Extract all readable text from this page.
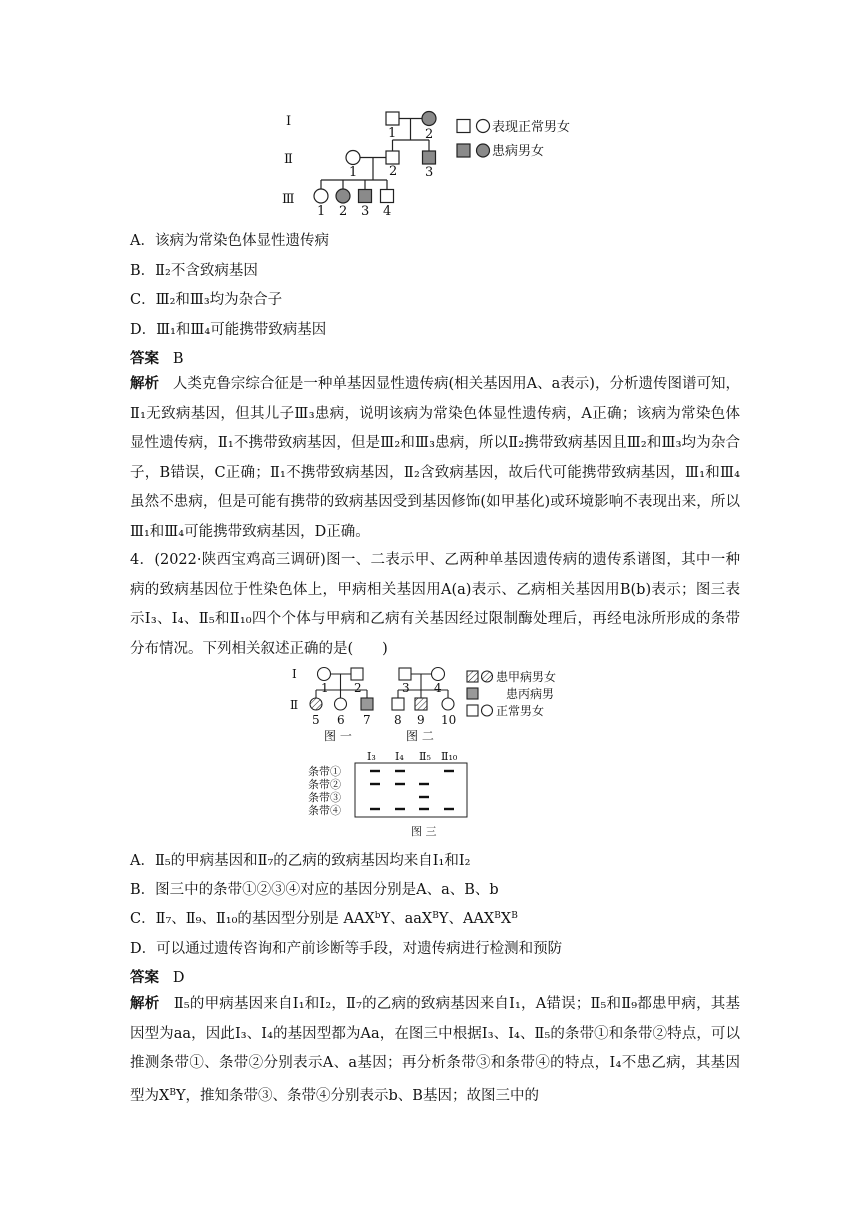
Ⅰ
Ⅱ
Ⅲ
1 2
1 2 3
1 2 3 4
表现正常男女
患病男女
A．该病为常染色体显性遗传病
B．Ⅱ₂不含致病基因
C．Ⅲ₂和Ⅲ₃均为杂合子
D．Ⅲ₁和Ⅲ₄可能携带致病基因
答案 B
解析 人类克鲁宗综合征是一种单基因显性遗传病(相关基因用A、a表示)，分析遗传图谱可知，Ⅱ₁无致病基因，但其儿子Ⅲ₃患病，说明该病为常染色体显性遗传病，A正确；该病为常染色体显性遗传病，Ⅱ₁不携带致病基因，但是Ⅲ₂和Ⅲ₃患病，所以Ⅱ₂携带致病基因且Ⅲ₂和Ⅲ₃均为杂合子，B错误，C正确；Ⅱ₁不携带致病基因，Ⅱ₂含致病基因，故后代可能携带致病基因，Ⅲ₁和Ⅲ₄虽然不患病，但是可能有携带的致病基因受到基因修饰(如甲基化)或环境影响不表现出来，所以Ⅲ₁和Ⅲ₄可能携带致病基因，D正确。
4．(2022·陕西宝鸡高三调研)图一、二表示甲、乙两种单基因遗传病的遗传系谱图，其中一种病的致病基因位于性染色体上，甲病相关基因用A(a)表示、乙病相关基因用B(b)表示；图三表示Ⅰ₃、Ⅰ₄、Ⅱ₅和Ⅱ₁₀四个个体与甲病和乙病有关基因经过限制酶处理后，再经电泳所形成的条带分布情况。下列相关叙述正确的是(　　)
Ⅰ
Ⅱ
1 2	3 4
5 6 7 8 9 10
图 一	图 二
患甲病男女
患丙病男
正常男女
Ⅰ₃ Ⅰ₄ Ⅱ₅ Ⅱ₁₀
条带①
条带②
条带③
条带④
图 三
A．Ⅱ₅的甲病基因和Ⅱ₇的乙病的致病基因均来自Ⅰ₁和Ⅰ₂
B．图三中的条带①②③④对应的基因分别是A、a、B、b
C．Ⅱ₇、Ⅱ₉、Ⅱ₁₀的基因型分别是 AAX$^b$Y、aaX$^B$Y、$AAX^BX^B$
D．可以通过遗传咨询和产前诊断等手段，对遗传病进行检测和预防
答案 D
解析 Ⅱ₅的甲病基因来自Ⅰ₁和Ⅰ₂，Ⅱ₇的乙病的致病基因来自Ⅰ₁，A错误；Ⅱ₅和Ⅱ₉都患甲病，其基因型为aa，因此Ⅰ₃、Ⅰ₄的基因型都为Aa，在图三中根据Ⅰ₃、Ⅰ₄、Ⅱ₅的条带①和条带②特点，可以推测条带①、条带②分别表示A、a基因；再分析条带③和条带④的特点，Ⅰ₄不患乙病，其基因型为$X^BY$，推知条带③、条带④分别表示b、B基因；故图三中的
